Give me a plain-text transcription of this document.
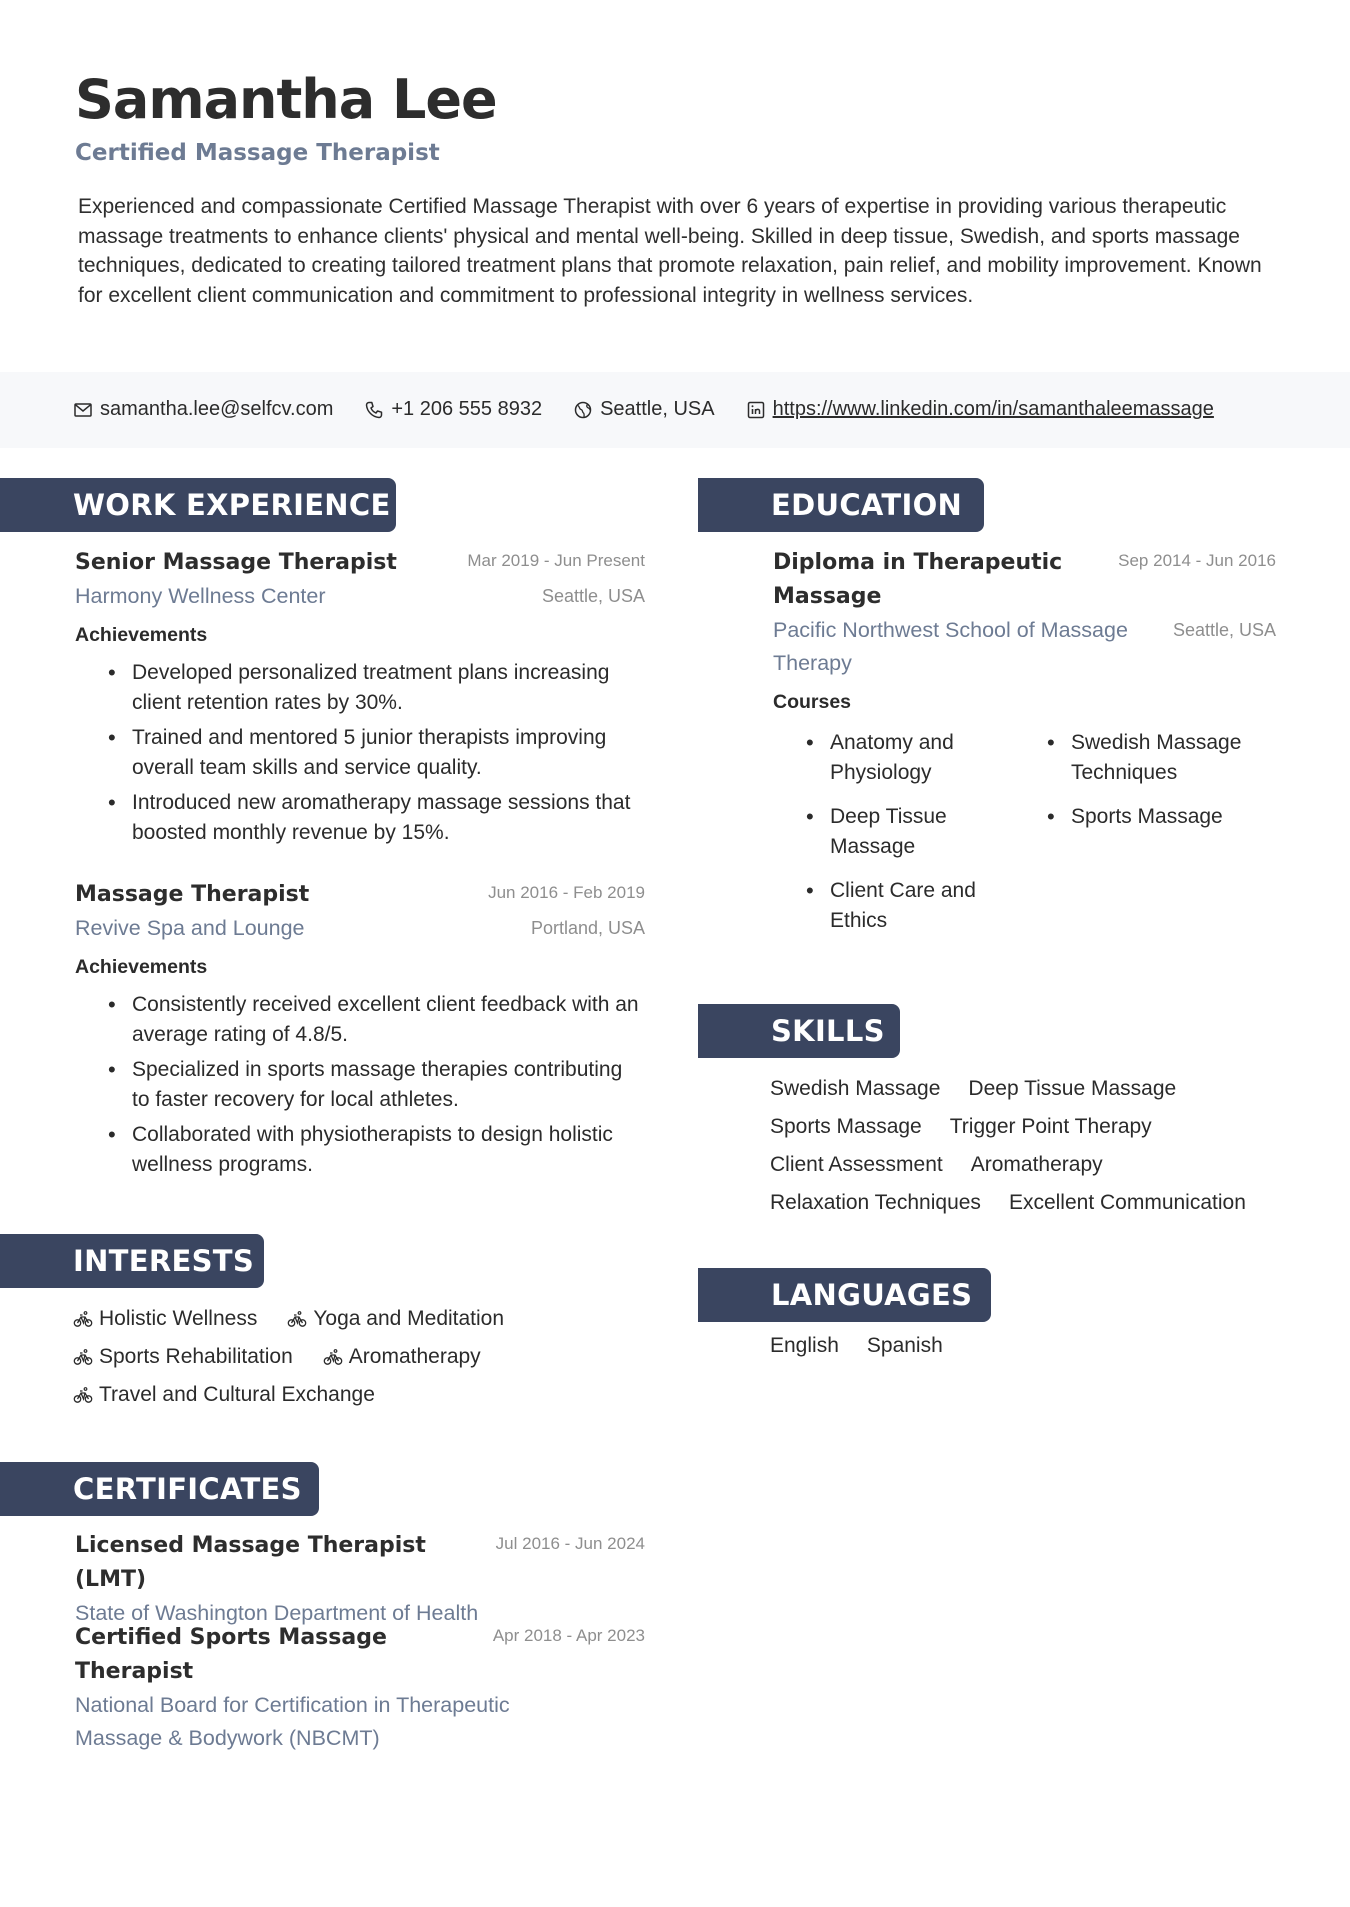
Samantha Lee
Certified Massage Therapist

Experienced and compassionate Certified Massage Therapist with over 6 years of expertise in providing various therapeutic massage treatments to enhance clients' physical and mental well-being. Skilled in deep tissue, Swedish, and sports massage techniques, dedicated to creating tailored treatment plans that promote relaxation, pain relief, and mobility improvement. Known for excellent client communication and commitment to professional integrity in wellness services.

samantha.lee@selfcv.com	+1 206 555 8932	Seattle, USA	https://www.linkedin.com/in/samanthaleemassage
WORK EXPERIENCE
Senior Massage Therapist	Mar 2019 - Jun Present
Harmony Wellness Center	Seattle, USA
Achievements
• Developed personalized treatment plans increasing client retention rates by 30%.
• Trained and mentored 5 junior therapists improving overall team skills and service quality.
• Introduced new aromatherapy massage sessions that boosted monthly revenue by 15%.
Massage Therapist	Jun 2016 - Feb 2019
Revive Spa and Lounge	Portland, USA
Achievements
• Consistently received excellent client feedback with an average rating of 4.8/5.
• Specialized in sports massage therapies contributing to faster recovery for local athletes.
• Collaborated with physiotherapists to design holistic wellness programs.
EDUCATION
Diploma in Therapeutic Massage
Sep 2014 - Jun 2016
Pacific Northwest School of Massage Therapy
Seattle, USA
Courses
• Anatomy and Physiology
• Swedish Massage Techniques
• Deep Tissue Massage
• Sports Massage
• Client Care and Ethics
SKILLS
Swedish Massage Deep Tissue Massage
Sports Massage Trigger Point Therapy
Client Assessment Aromatherapy
Relaxation Techniques Excellent Communication
LANGUAGES
English Spanish
INTERESTS
Holistic Wellness	Yoga and Meditation
Sports Rehabilitation	Aromatherapy
Travel and Cultural Exchange
CERTIFICATES
Licensed Massage Therapist (LMT)
Jul 2016 - Jun 2024
State of Washington Department of Health
Certified Sports Massage Therapist
Apr 2018 - Apr 2023
National Board for Certification in Therapeutic Massage & Bodywork (NBCMT)
